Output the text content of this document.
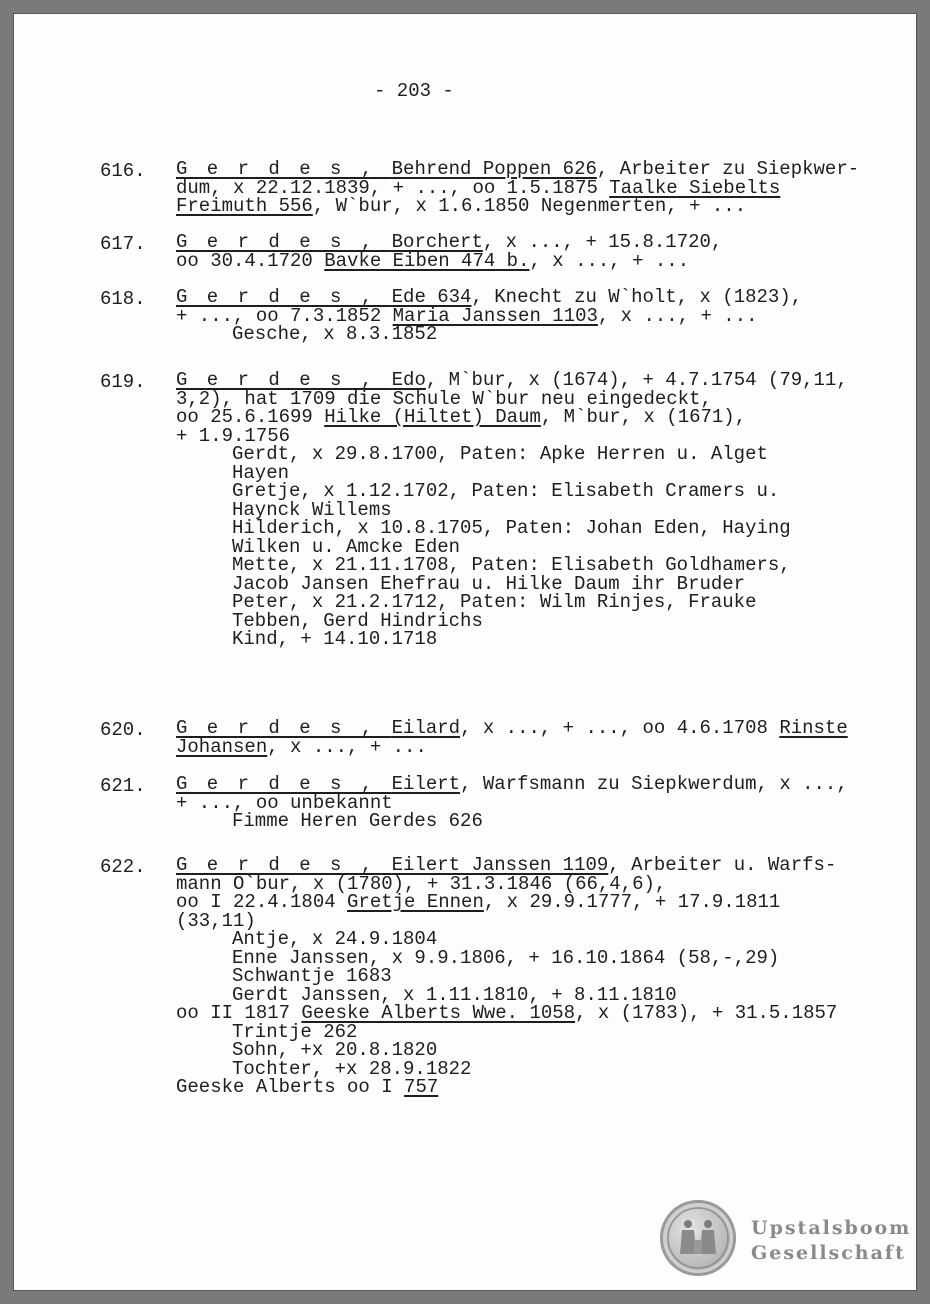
- 203 -
616. G e r d e s , Behrend Poppen 626, Arbeiter zu Siepkwer-
dum, x 22.12.1839, + ..., oo 1.5.1875 Taalke Siebelts
Freimuth 556, W`bur, x 1.6.1850 Negenmerten, + ...
617. G e r d e s , Borchert, x ..., + 15.8.1720,
oo 30.4.1720 Bavke Eiben 474 b., x ..., + ...
618. G e r d e s , Ede 634, Knecht zu W`holt, x (1823),
+ ..., oo 7.3.1852 Maria Janssen 1103, x ..., + ...
Gesche, x 8.3.1852
619. G e r d e s , Edo, M`bur, x (1674), + 4.7.1754 (79,11,
3,2), hat 1709 die Schule W`bur neu eingedeckt,
oo 25.6.1699 Hilke (Hiltet) Daum, M`bur, x (1671),
+ 1.9.1756
Gerdt, x 29.8.1700, Paten: Apke Herren u. Alget
Hayen
Gretje, x 1.12.1702, Paten: Elisabeth Cramers u.
Haynck Willems
Hilderich, x 10.8.1705, Paten: Johan Eden, Haying
Wilken u. Amcke Eden
Mette, x 21.11.1708, Paten: Elisabeth Goldhamers,
Jacob Jansen Ehefrau u. Hilke Daum ihr Bruder
Peter, x 21.2.1712, Paten: Wilm Rinjes, Frauke
Tebben, Gerd Hindrichs
Kind, + 14.10.1718
620. G e r d e s , Eilard, x ..., + ..., oo 4.6.1708 Rinste
Johansen, x ..., + ...
621. G e r d e s , Eilert, Warfsmann zu Siepkwerdum, x ...,
+ ..., oo unbekannt
Fimme Heren Gerdes 626
622. G e r d e s , Eilert Janssen 1109, Arbeiter u. Warfs-
mann O`bur, x (1780), + 31.3.1846 (66,4,6),
oo I 22.4.1804 Gretje Ennen, x 29.9.1777, + 17.9.1811
(33,11)
Antje, x 24.9.1804
Enne Janssen, x 9.9.1806, + 16.10.1864 (58,-,29)
Schwantje 1683
Gerdt Janssen, x 1.11.1810, + 8.11.1810
oo II 1817 Geeske Alberts Wwe. 1058, x (1783), + 31.5.1857
Trintje 262
Sohn, +x 20.8.1820
Tochter, +x 28.9.1822
Geeske Alberts oo I 757
Upstalsboom
Gesellschaft
